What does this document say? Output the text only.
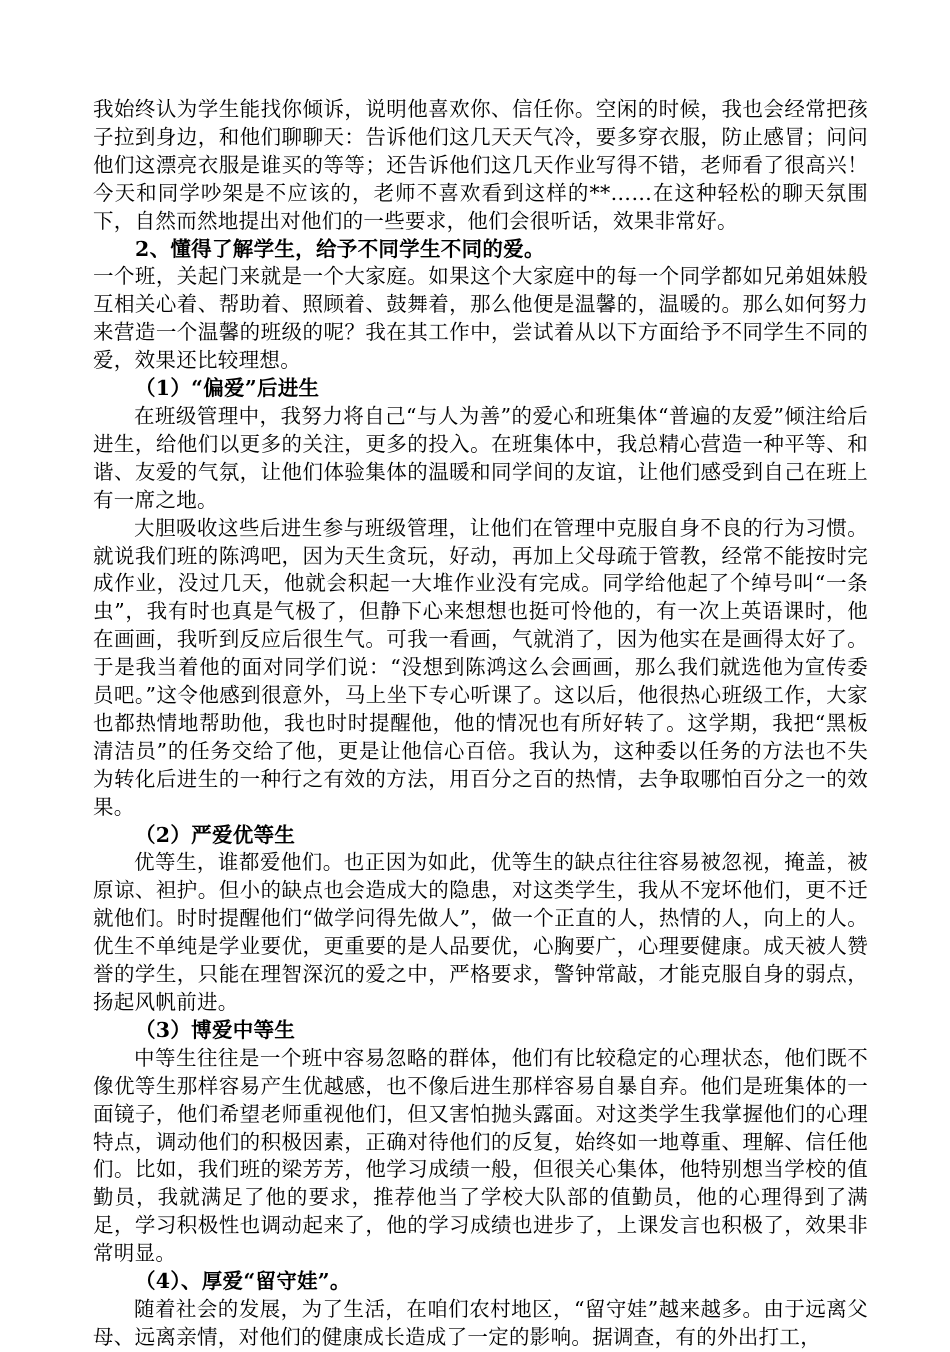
我始终认为学生能找你倾诉，说明他喜欢你、信任你。空闲的时候，我也会经常把孩子拉到身边，和他们聊聊天：告诉他们这几天天气冷，要多穿衣服，防止感冒；问问他们这漂亮衣服是谁买的等等；还告诉他们这几天作业写得不错，老师看了很高兴！今天和同学吵架是不应该的，老师不喜欢看到这样的**……在这种轻松的聊天氛围下，自然而然地提出对他们的一些要求，他们会很听话，效果非常好。

2、懂得了解学生，给予不同学生不同的爱。

一个班，关起门来就是一个大家庭。如果这个大家庭中的每一个同学都如兄弟姐妹般互相关心着、帮助着、照顾着、鼓舞着，那么他便是温馨的，温暖的。那么如何努力来营造一个温馨的班级的呢？我在其工作中，尝试着从以下方面给予不同学生不同的爱，效果还比较理想。

（1）“偏爱”后进生

在班级管理中，我努力将自己“与人为善”的爱心和班集体“普遍的友爱”倾注给后进生，给他们以更多的关注，更多的投入。在班集体中，我总精心营造一种平等、和谐、友爱的气氛，让他们体验集体的温暖和同学间的友谊，让他们感受到自己在班上有一席之地。

大胆吸收这些后进生参与班级管理，让他们在管理中克服自身不良的行为习惯。就说我们班的陈鸿吧，因为天生贪玩，好动，再加上父母疏于管教，经常不能按时完成作业，没过几天，他就会积起一大堆作业没有完成。同学给他起了个绰号叫“一条虫”，我有时也真是气极了，但静下心来想想也挺可怜他的，有一次上英语课时，他在画画，我听到反应后很生气。可我一看画，气就消了，因为他实在是画得太好了。于是我当着他的面对同学们说：“没想到陈鸿这么会画画，那么我们就选他为宣传委员吧。”这令他感到很意外，马上坐下专心听课了。这以后，他很热心班级工作，大家也都热情地帮助他，我也时时提醒他，他的情况也有所好转了。这学期，我把“黑板清洁员”的任务交给了他，更是让他信心百倍。我认为，这种委以任务的方法也不失为转化后进生的一种行之有效的方法，用百分之百的热情，去争取哪怕百分之一的效果。

（2）严爱优等生

优等生，谁都爱他们。也正因为如此，优等生的缺点往往容易被忽视，掩盖，被原谅、袒护。但小的缺点也会造成大的隐患，对这类学生，我从不宠坏他们，更不迁就他们。时时提醒他们“做学问得先做人”，做一个正直的人，热情的人，向上的人。优生不单纯是学业要优，更重要的是人品要优，心胸要广，心理要健康。成天被人赞誉的学生，只能在理智深沉的爱之中，严格要求，警钟常敲，才能克服自身的弱点，扬起风帆前进。

（3）博爱中等生

中等生往往是一个班中容易忽略的群体，他们有比较稳定的心理状态，他们既不像优等生那样容易产生优越感，也不像后进生那样容易自暴自弃。他们是班集体的一面镜子，他们希望老师重视他们，但又害怕抛头露面。对这类学生我掌握他们的心理特点，调动他们的积极因素，正确对待他们的反复，始终如一地尊重、理解、信任他们。比如，我们班的梁芳芳，他学习成绩一般，但很关心集体，他特别想当学校的值勤员，我就满足了他的要求，推荐他当了学校大队部的值勤员，他的心理得到了满足，学习积极性也调动起来了，他的学习成绩也进步了，上课发言也积极了，效果非常明显。

（4）、厚爱“留守娃”。

随着社会的发展，为了生活，在咱们农村地区，“留守娃”越来越多。由于远离父母、远离亲情，对他们的健康成长造成了一定的影响。据调查，有的外出打工，
